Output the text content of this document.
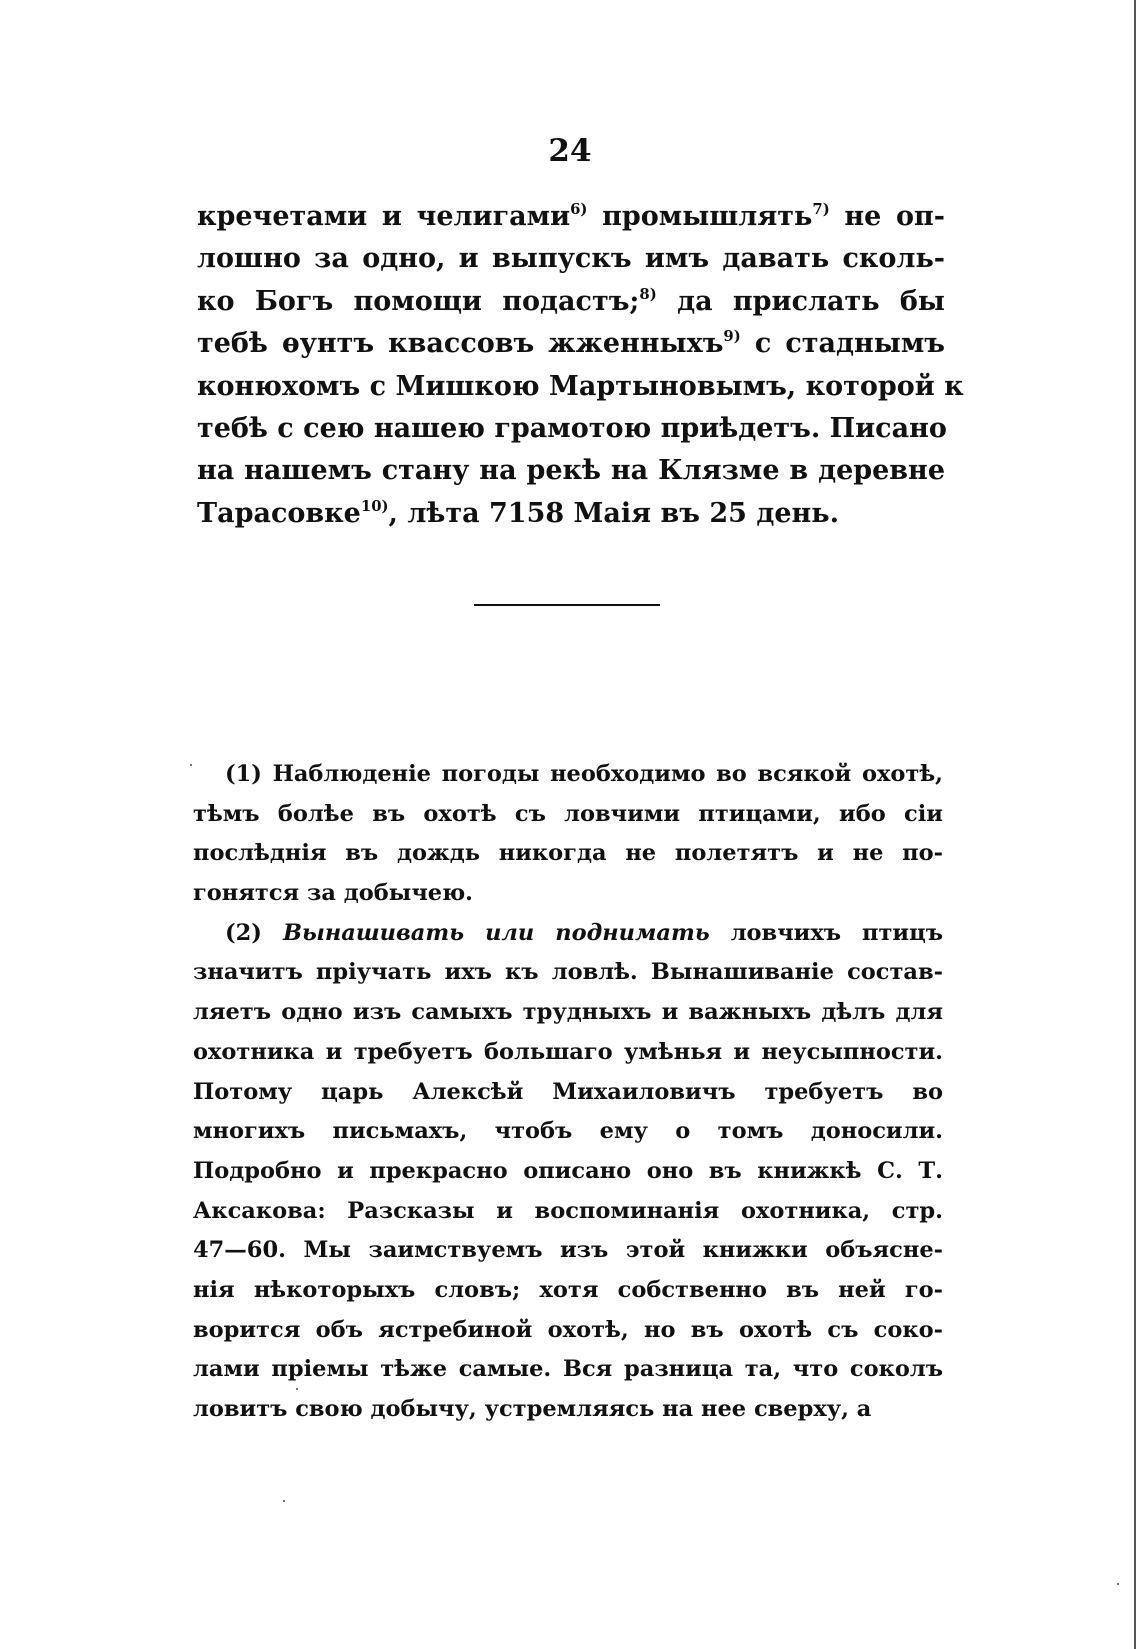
24
кречетами и челигами$^{6)}$ промышлять$^{7)}$ не оп-
лошно за одно, и выпускъ имъ давать сколь-
ко Богъ помощи подастъ;$^{8)}$ да прислать бы
тебѣ ѳунтъ квассовъ жженныхъ$^{9)}$ с стаднымъ
конюхомъ с Мишкою Мартыновымъ, которой к
тебѣ с сею нашею грамотою приѣдетъ. Писано
на нашемъ стану на рекѣ на Клязме в деревне
Тарасовке$^{10)}$, лѣта 7158 Маія въ 25 день.
(1) Наблюденіе погоды необходимо во всякой охотѣ,
тѣмъ болѣе въ охотѣ съ ловчими птицами, ибо сіи
послѣднія въ дождь никогда не полетятъ и не по-
гонятся за добычею.
(2) Вынашивать или поднимать ловчихъ птицъ
значитъ пріучать ихъ къ ловлѣ. Вынашиваніе состав-
ляетъ одно изъ самыхъ трудныхъ и важныхъ дѣлъ для
охотника и требуетъ большаго умѣнья и неусыпности.
Потому царь Алексѣй Михаиловичъ требуетъ во
многихъ письмахъ, чтобъ ему о томъ доносили.
Подробно и прекрасно описано оно въ книжкѣ С. Т.
Аксакова: Разсказы и воспоминанія охотника, стр.
47—60. Мы заимствуемъ изъ этой книжки объясне-
нія нѣкоторыхъ словъ; хотя собственно въ ней го-
ворится объ ястребиной охотѣ, но въ охотѣ съ соко-
лами пріемы тѣже самые. Вся разница та, что соколъ
ловитъ свою добычу, устремляясь на нее сверху, а
